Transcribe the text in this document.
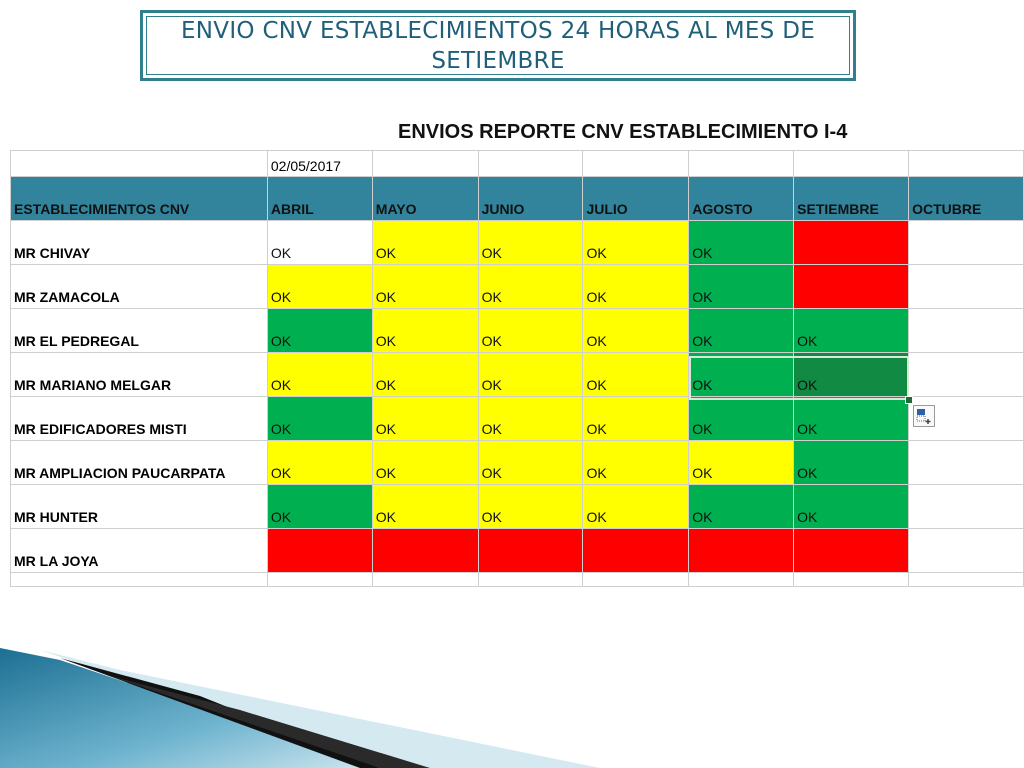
ENVIO CNV ESTABLECIMIENTOS 24 HORAS AL MES DE SETIEMBRE
ENVIOS REPORTE CNV ESTABLECIMIENTO I-4
	02/05/2017						
ESTABLECIMIENTOS CNV	ABRIL	MAYO	JUNIO	JULIO	AGOSTO	SETIEMBRE	OCTUBRE
MR CHIVAY	OK	OK	OK	OK	OK		
MR ZAMACOLA	OK	OK	OK	OK	OK		
MR EL PEDREGAL	OK	OK	OK	OK	OK	OK	
MR MARIANO MELGAR	OK	OK	OK	OK	OK	OK	
MR EDIFICADORES MISTI	OK	OK	OK	OK	OK	OK	
MR AMPLIACION PAUCARPATA	OK	OK	OK	OK	OK	OK	
MR HUNTER	OK	OK	OK	OK	OK	OK	
MR LA JOYA							
